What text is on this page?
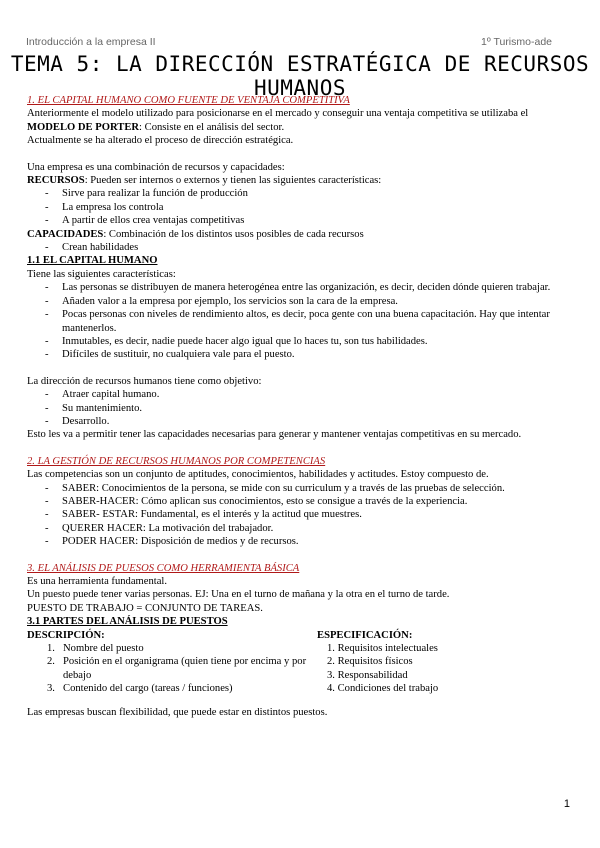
Introducción a la empresa II	1º Turismo-ade
TEMA 5: LA DIRECCIÓN ESTRATÉGICA DE RECURSOS HUMANOS

1. EL CAPITAL HUMANO COMO FUENTE DE VENTAJA COMPETITIVA

Anteriormente el modelo utilizado para posicionarse en el mercado y conseguir una ventaja competitiva se utilizaba el MODELO DE PORTER: Consiste en el análisis del sector.

Actualmente se ha alterado el proceso de dirección estratégica.

Una empresa es una combinación de recursos y capacidades:

RECURSOS: Pueden ser internos o externos y tienen las siguientes características:

- Sirve para realizar la función de producción
- La empresa los controla
- A partir de ellos crea ventajas competitivas

CAPACIDADES: Combinación de los distintos usos posibles de cada recursos

- Crean habilidades

1.1 EL CAPITAL HUMANO

Tiene las siguientes características:

- Las personas se distribuyen de manera heterogénea entre las organización, es decir, deciden dónde quieren trabajar.
- Añaden valor a la empresa por ejemplo, los servicios son la cara de la empresa.
- Pocas personas con niveles de rendimiento altos, es decir, poca gente con una buena capacitación. Hay que intentar mantenerlos.
- Inmutables, es decir, nadie puede hacer algo igual que lo haces tu, son tus habilidades.
- Difíciles de sustituir, no cualquiera vale para el puesto.

La dirección de recursos humanos tiene como objetivo:

- Atraer capital humano.
- Su mantenimiento.
- Desarrollo.

Esto les va a permitir tener las capacidades necesarias para generar y mantener ventajas competitivas en su mercado.

2. LA GESTIÓN DE RECURSOS HUMANOS POR COMPETENCIAS

Las competencias son un conjunto de aptitudes, conocimientos, habilidades y actitudes. Estoy compuesto de.

- SABER: Conocimientos de la persona, se mide con su curriculum y a través de las pruebas de selección.
- SABER-HACER: Cómo aplican sus conocimientos, esto se consigue a través de la experiencia.
- SABER- ESTAR: Fundamental, es el interés y la actitud que muestres.
- QUERER HACER: La motivación del trabajador.
- PODER HACER: Disposición de medios y de recursos.

3. EL ANÁLISIS DE PUESOS COMO HERRAMIENTA BÁSICA

Es una herramienta fundamental.

Un puesto puede tener varias personas. EJ: Una en el turno de mañana y la otra en el turno de tarde.

PUESTO DE TRABAJO = CONJUNTO DE TAREAS.

3.1 PARTES DEL ANÁLISIS DE PUESTOS

DESCRIPCIÓN:

1. Nombre del puesto
2. Posición en el organigrama (quien tiene por encima y por debajo
3. Contenido del cargo (tareas / funciones)

ESPECIFICACIÓN:

1. Requisitos intelectuales
2. Requisitos físicos
3. Responsabilidad
4. Condiciones del trabajo

Las empresas buscan flexibilidad, que puede estar en distintos puestos.

1
